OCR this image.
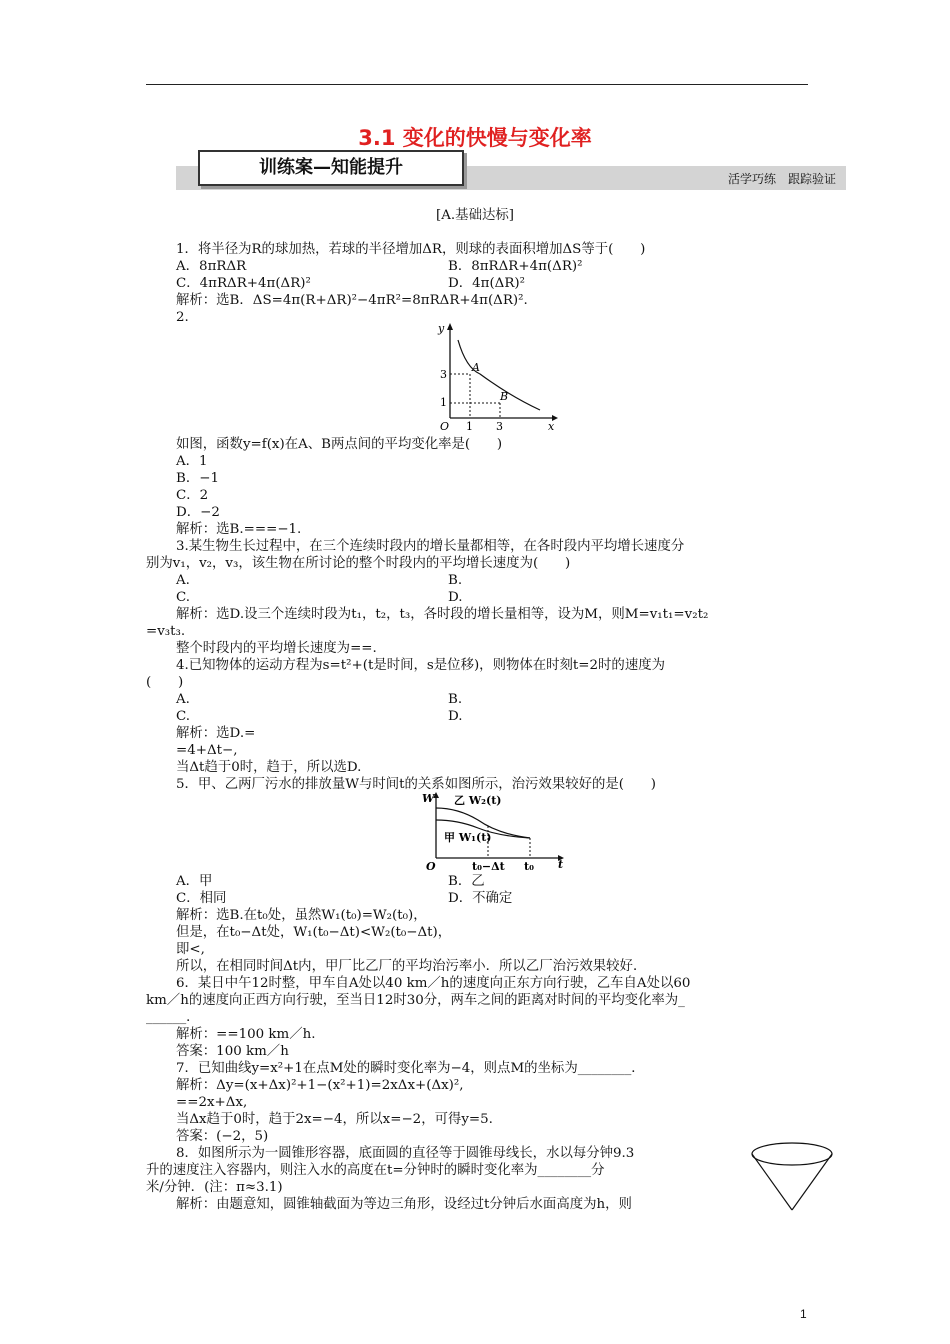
3.1 变化的快慢与变化率
训练案—知能提升
活学巧练　跟踪验证
[A.基础达标]
1．将半径为R的球加热，若球的半径增加ΔR，则球的表面积增加ΔS等于(　　)
A．8πRΔR	B．8πRΔR+4π(ΔR)²
C．4πRΔR+4π(ΔR)²	D．4π(ΔR)²
解析：选B．ΔS=4π(R+ΔR)²−4πR²=8πRΔR+4π(ΔR)².
2.
3
1
1 3
O	x
y
A
B
如图，函数y=f(x)在A、B两点间的平均变化率是(　　)
A．1
B．−1
C．2
D．−2
解析：选B.===−1.
3.某生物生长过程中，在三个连续时段内的增长量都相等，在各时段内平均增长速度分
别为v₁，v₂，v₃，该生物在所讨论的整个时段内的平均增长速度为(　　)
A.	B.
C.	D.
解析：选D.设三个连续时段为t₁，t₂，t₃，各时段的增长量相等，设为M，则M=v₁t₁=v₂t₂
=v₃t₃.
整个时段内的平均增长速度为==.
4.已知物体的运动方程为s=t²+(t是时间，s是位移)，则物体在时刻t=2时的速度为
(　　)
A.	B.
C.	D.
解析：选D.=
=4+Δt−,
当Δt趋于0时，趋于，所以选D.
5．甲、乙两厂污水的排放量W与时间t的关系如图所示，治污效果较好的是(　　)
W
t
O
乙 W₂(t)
甲 W₁(t)
t₀−Δt t₀
A．甲	B．乙
C．相同	D．不确定
解析：选B.在t₀处，虽然W₁(t₀)=W₂(t₀)，
但是，在t₀−Δt处，W₁(t₀−Δt)<W₂(t₀−Δt)，
即<,
所以，在相同时间Δt内，甲厂比乙厂的平均治污率小．所以乙厂治污效果较好．
6．某日中午12时整，甲车自A处以40 km／h的速度向正东方向行驶，乙车自A处以60
km／h的速度向正西方向行驶，至当日12时30分，两车之间的距离对时间的平均变化率为_
______．
解析：==100 km／h.
答案：100 km／h
7．已知曲线y=x²+1在点M处的瞬时变化率为−4，则点M的坐标为________．
解析：Δy=(x+Δx)²+1−(x²+1)=2xΔx+(Δx)²,
==2x+Δx,
当Δx趋于0时，趋于2x=−4，所以x=−2，可得y=5.
答案：(−2，5)
8．如图所示为一圆锥形容器，底面圆的直径等于圆锥母线长，水以每分钟9.3
升的速度注入容器内，则注入水的高度在t=分钟时的瞬时变化率为________分
米/分钟．(注：π≈3.1)
解析：由题意知，圆锥轴截面为等边三角形，设经过t分钟后水面高度为h，则
1
